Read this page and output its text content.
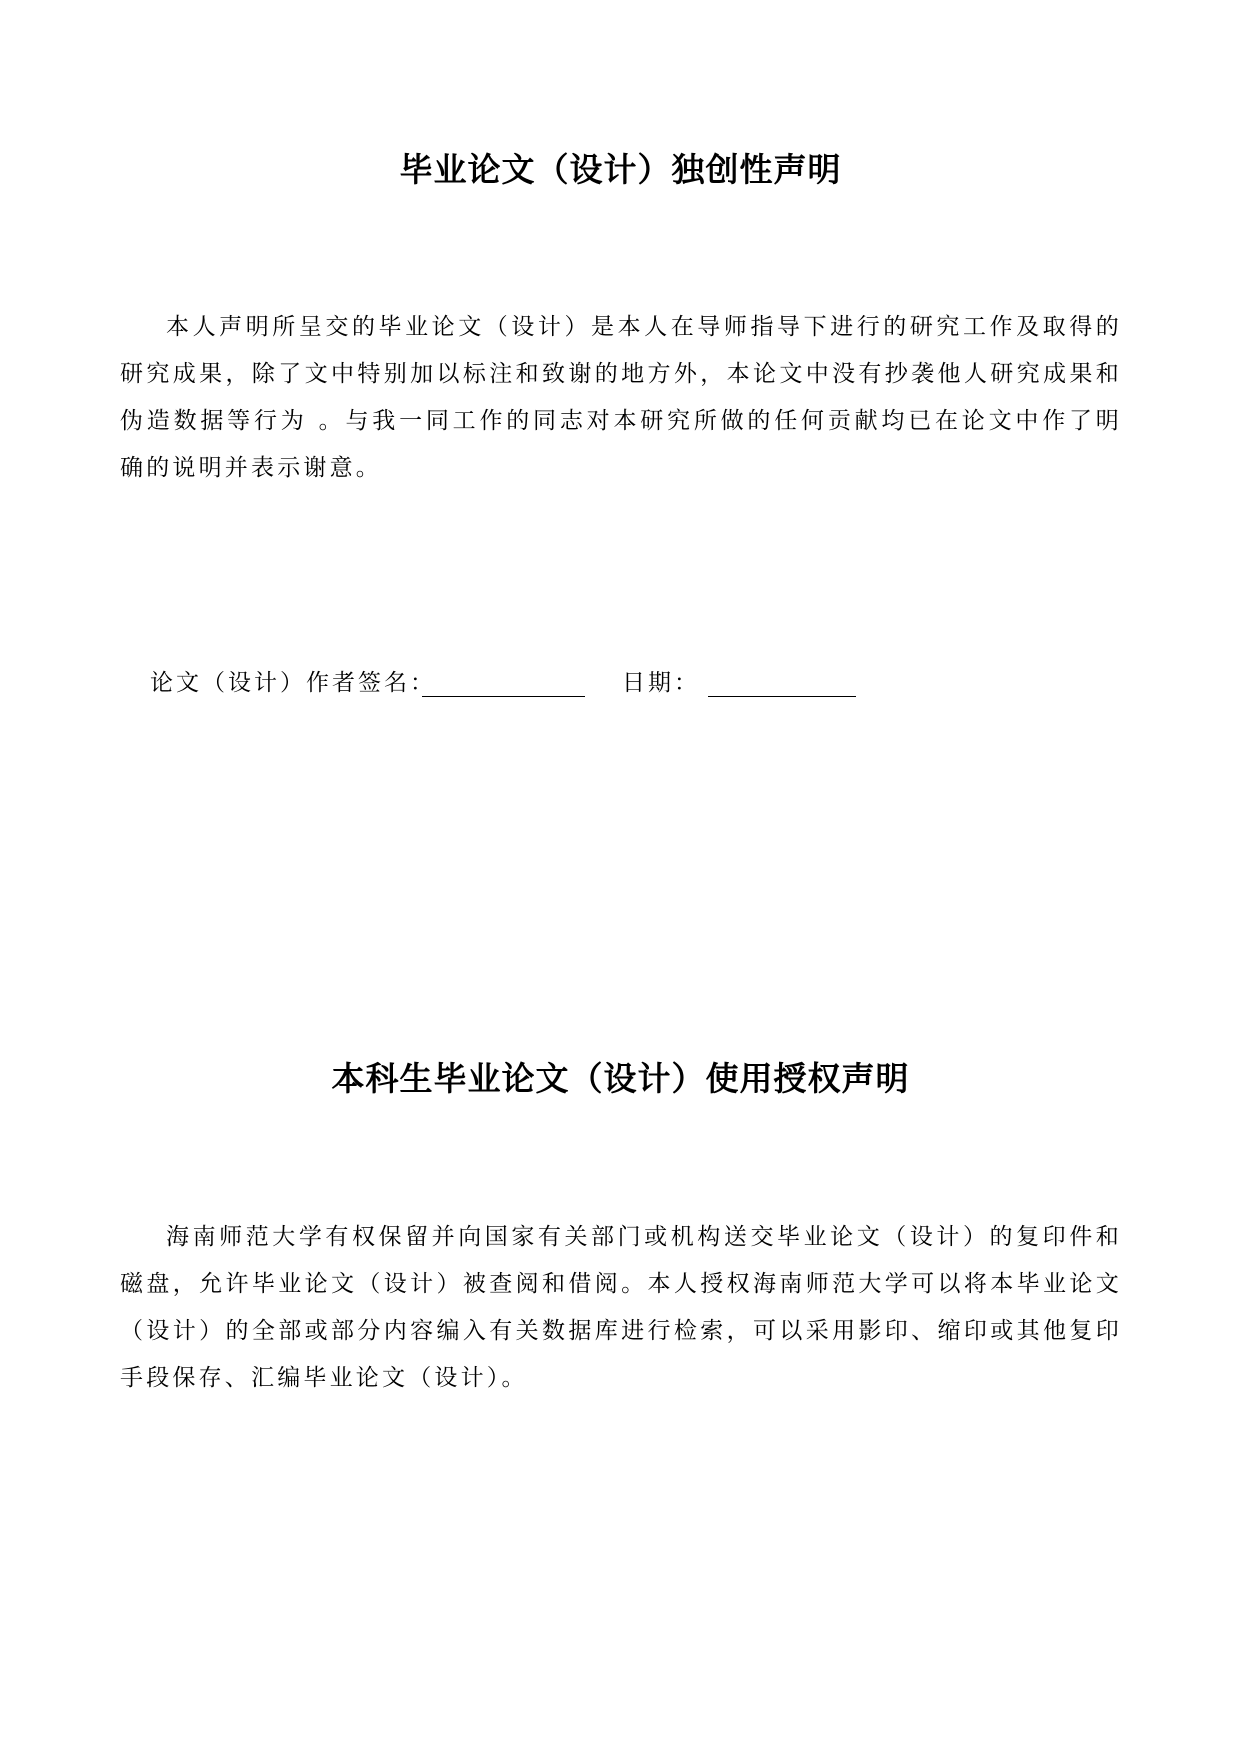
毕业论文（设计）独创性声明

本人声明所呈交的毕业论文（设计）是本人在导师指导下进行的研究工作及取得的研究成果，除了文中特别加以标注和致谢的地方外，本论文中没有抄袭他人研究成果和伪造数据等行为 。与我一同工作的同志对本研究所做的任何贡献均已在论文中作了明确的说明并表示谢意。

论文（设计）作者签名：	日期：
本科生毕业论文（设计）使用授权声明

海南师范大学有权保留并向国家有关部门或机构送交毕业论文（设计）的复印件和磁盘，允许毕业论文（设计）被查阅和借阅。本人授权海南师范大学可以将本毕业论文（设计）的全部或部分内容编入有关数据库进行检索，可以采用影印、缩印或其他复印手段保存、汇编毕业论文（设计）。
